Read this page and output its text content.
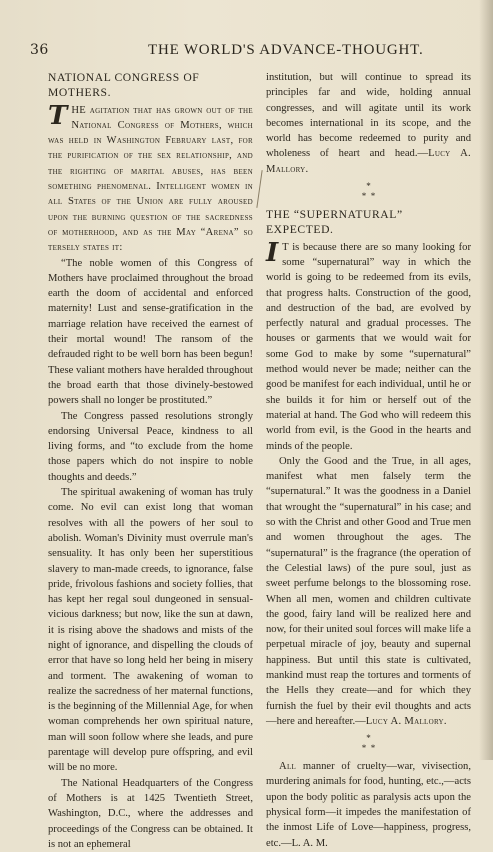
36	THE WORLD'S ADVANCE-THOUGHT.
NATIONAL CONGRESS OF MOTHERS.

THE agitation that has grown out of the National Congress of Mothers, which was held in Washington February last, for the purification of the sex relationship, and the righting of marital abuses, has been something phenomenal. Intelligent women in all States of the Union are fully aroused upon the burning question of the sacredness of motherhood, and as the May “Arena” so tersely states it:

“The noble women of this Congress of Mothers have proclaimed throughout the broad earth the doom of accidental and enforced maternity! Lust and sense-gratification in the marriage relation have received the earnest of their mortal wound! The ransom of the defrauded right to be well born has been begun! These valiant mothers have heralded throughout the broad earth that those divinely-bestowed powers shall no longer be prostituted.”

The Congress passed resolutions strongly endorsing Universal Peace, kindness to all living forms, and “to exclude from the home those papers which do not inspire to noble thoughts and deeds.”

The spiritual awakening of woman has truly come. No evil can exist long that woman resolves with all the powers of her soul to abolish. Woman's Divinity must overrule man's sensuality. It has only been her superstitious slavery to man-made creeds, to ignorance, false pride, frivolous fashions and society follies, that has kept her regal soul dungeoned in sensual-vicious darkness; but now, like the sun at dawn, it is rising above the shadows and mists of the night of ignorance, and dispelling the clouds of error that have so long held her being in misery and torment. The awakening of woman to realize the sacredness of her maternal functions, is the beginning of the Millennial Age, for when woman comprehends her own spiritual nature, man will soon follow where she leads, and pure parentage will develop pure offspring, and evil will be no more.

The National Headquarters of the Congress of Mothers is at 1425 Twentieth Street, Washington, D.C., where the addresses and proceedings of the Congress can be obtained. It is not an ephemeral

institution, but will continue to spread its principles far and wide, holding annual congresses, and will agitate until its work becomes international in its scope, and the world has become redeemed to purity and wholeness of heart and head.—Lucy A. Mallory.

*
*  *
THE “SUPERNATURAL” EXPECTED.

I T is because there are so many looking for some “supernatural” way in which the world is going to be redeemed from its evils, that progress halts. Construction of the good, and destruction of the bad, are evolved by perfectly natural and gradual processes. The houses or garments that we would wait for some God to make by some “supernatural” method would never be made; neither can the good be manifest for each individual, until he or she builds it for him or herself out of the material at hand. The God who will redeem this world from evil, is the Good in the hearts and minds of the people.

Only the Good and the True, in all ages, manifest what men falsely term the “supernatural.” It was the goodness in a Daniel that wrought the “supernatural” in his case; and so with the Christ and other Good and True men and women throughout the ages. The “supernatural” is the fragrance (the operation of the Celestial laws) of the pure soul, just as sweet perfume belongs to the blossoming rose. When all men, women and children cultivate the good, fairy land will be realized here and now, for their united soul forces will make life a perpetual miracle of joy, beauty and supernal happiness. But until this state is cultivated, mankind must reap the tortures and torments of the Hells they create—and for which they furnish the fuel by their evil thoughts and acts—here and hereafter.—Lucy A. Mallory.

*
*  *

All manner of cruelty—war, vivisection, murdering animals for food, hunting, etc.,—acts upon the body politic as paralysis acts upon the physical form—it impedes the manifestation of the inmost Life of Love—happiness, progress, etc.—L. A. M.
